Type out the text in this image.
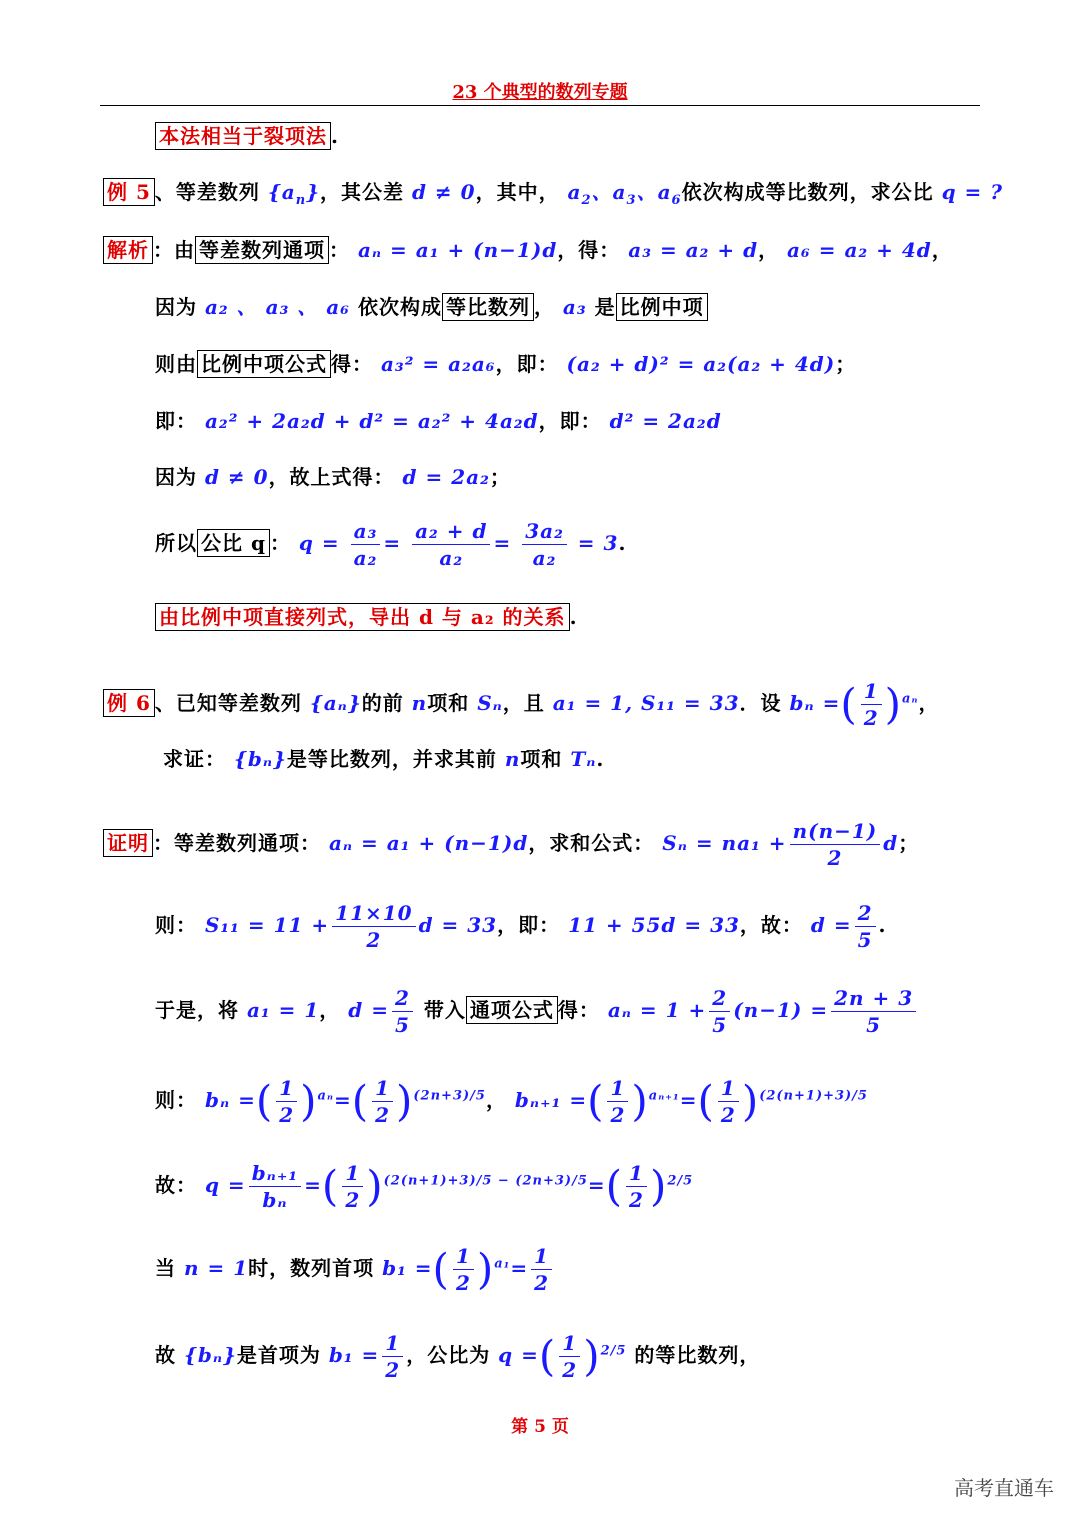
23 个典型的数列专题
本法相当于裂项法 .
例 5 、等差数列 $\{a_n\}$，其公差 d ≠ 0，其中， $a_2$、$a_3$、$a_6$依次构成等比数列，求公比 q = ?
解析 ：由 等差数列通项 ： aₙ = a₁ + (n−1)d，得： a₃ = a₂ + d， a₆ = a₂ + 4d，
因为 a₂ 、 a₃ 、 a₆ 依次构成 等比数列 ， a₃ 是 比例中项
则由 比例中项公式 得： a₃² = a₂a₆，即： (a₂ + d)² = a₂(a₂ + 4d)；
即： a₂² + 2a₂d + d² = a₂² + 4a₂d，即： d² = 2a₂d
因为 d ≠ 0，故上式得： d = 2a₂；
所以 公比 q ： $q = \frac{\text{a₃}}{\text{a₂}} = \frac{\text{a₂ + d}}{\text{a₂}} = \frac{\text{3a₂}}{\text{a₂}} = 3$.
由比例中项直接列式，导出 d 与 a₂ 的关系 .
例 6 、已知等差数列 {aₙ}的前 n项和 Sₙ，且 a₁ = 1, S₁₁ = 33．设 bₙ =( $\frac{1}{2} )^{a_n}$，
求证： {bₙ}是等比数列，并求其前 n项和 Tₙ.
证明 ：等差数列通项： aₙ = a₁ + (n−1)d，求和公式： $S_n = na_1 + \frac{n(n-1)}{2}$ d；
则： $S_{11} = 11 + \frac{11\times 10}{2}$ d = 33，即： 11 + 55d = 33，故： $d = \frac{2}{5}$ .
于是，将 a₁ = 1， $d = \frac{2}{5}$ 带入 通项公式 得： $a_n = 1 + \frac{2}{5} (n-1) = \frac{2n + 3}{5}$
则： bₙ =( $\frac{1}{2} )^{a_n}=( \frac{1}{2} )^{(2n+3)/5}$， bₙ₊₁ =( $\frac{1}{2} )^{a_{n+1}}=( \frac{1}{2} )^{(2(n+1)+3)/5}$
故： $q = \frac{\text{bₙ₊₁}}{\text{bₙ}}$ =( $\frac{1}{2} )^{(2(n+1)+3)/5 - (2n+3)/5}=( \frac{1}{2} )^{2/5}$
当 n = 1时，数列首项 b₁ =( $\frac{1}{2} )^{a_1}= \frac{1}{2}$
故 {bₙ}是首项为 $b_1 = \frac{1}{2}$ ，公比为 q =( $\frac{1}{2} )^{2/5}$ 的等比数列，
第 5 页
高考直通车
